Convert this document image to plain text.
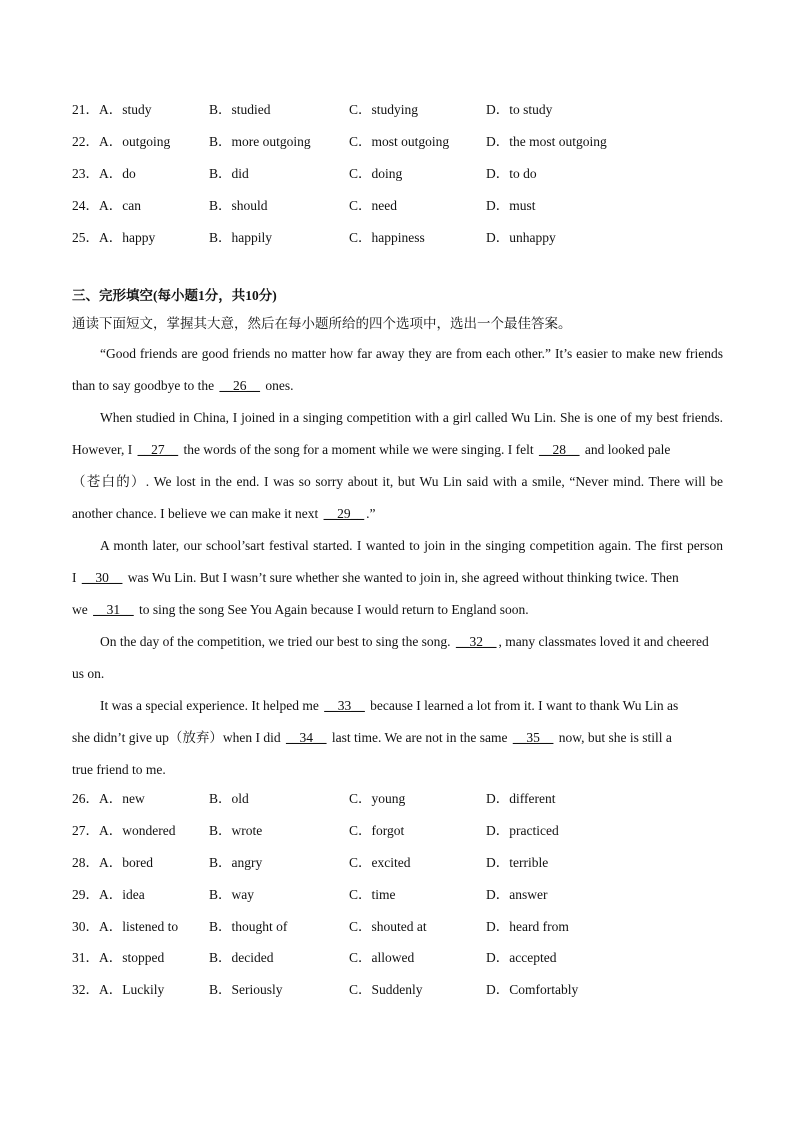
21．A．study	B．studied	C．studying	D．to study
22．A．outgoing	B．more outgoing	C．most outgoing	D．the most outgoing
23．A．do	B．did	C．doing	D．to do
24．A．can	B．should	C．need	D．must
25．A．happy	B．happily	C．happiness	D．unhappy
三、完形填空(每小题1分，共10分)
通读下面短文，掌握其大意，然后在每小题所给的四个选项中，选出一个最佳答案。
“Good friends are good friends no matter how far away they are from each other.” It’s easier to make new friends
than to say goodbye to the __26__ ones.
When studied in China, I joined in a singing competition with a girl called Wu Lin. She is one of my best friends.
However, I __27__ the words of the song for a moment while we were singing. I felt __28__ and looked pale
（苍白的）. We lost in the end. I was so sorry about it, but Wu Lin said with a smile, “Never mind. There will be
another chance. I believe we can make it next __29__ .”
A month later, our school’sart festival started. I wanted to join in the singing competition again. The first person
I __30__ was Wu Lin. But I wasn’t sure whether she wanted to join in, she agreed without thinking twice. Then
we __31__ to sing the song See You Again because I would return to England soon.
On the day of the competition, we tried our best to sing the song. __32__ , many classmates loved it and cheered
us on.
It was a special experience. It helped me __33__ because I learned a lot from it. I want to thank Wu Lin as
she didn’t give up（放弃）when I did __34__ last time. We are not in the same __35__ now, but she is still a
true friend to me.
26．A．new	B．old	C．young	D．different
27．A．wondered B．wrote	C．forgot	D．practiced
28．A．bored	B．angry	C．excited	D．terrible
29．A．idea	B．way	C．time	D．answer
30．A．listened to B．thought of	C．shouted at	D．heard from
31．A．stopped	B．decided	C．allowed	D．accepted
32．A．Luckily	B．Seriously	C．Suddenly	D．Comfortably
